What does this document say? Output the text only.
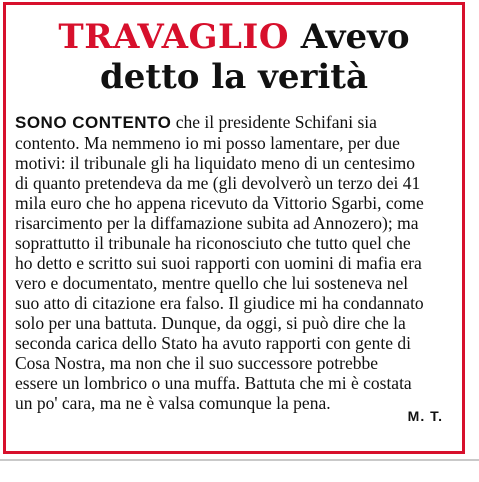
TRAVAGLIO Avevo
detto la verità
SONO CONTENTO che il presidente Schifani sia
contento. Ma nemmeno io mi posso lamentare, per due
motivi: il tribunale gli ha liquidato meno di un centesimo
di quanto pretendeva da me (gli devolverò un terzo dei 41
mila euro che ho appena ricevuto da Vittorio Sgarbi, come
risarcimento per la diffamazione subita ad Annozero); ma
soprattutto il tribunale ha riconosciuto che tutto quel che
ho detto e scritto sui suoi rapporti con uomini di mafia era
vero e documentato, mentre quello che lui sosteneva nel
suo atto di citazione era falso. Il giudice mi ha condannato
solo per una battuta. Dunque, da oggi, si può dire che la
seconda carica dello Stato ha avuto rapporti con gente di
Cosa Nostra, ma non che il suo successore potrebbe
essere un lombrico o una muffa. Battuta che mi è costata
un po' cara, ma ne è valsa comunque la pena.
M. T.
